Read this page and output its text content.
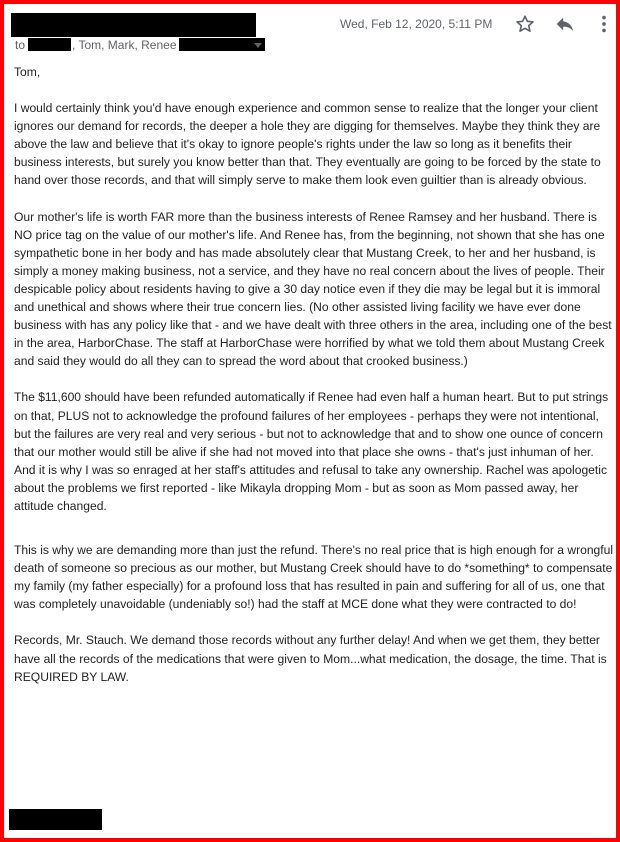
Wed, Feb 12, 2020, 5:11 PM
to	, Tom, Mark, Renee

Tom,

I would certainly think you'd have enough experience and common sense to realize that the longer your client ignores our demand for records, the deeper a hole they are digging for themselves. Maybe they think they are above the law and believe that it's okay to ignore people's rights under the law so long as it benefits their business interests, but surely you know better than that. They eventually are going to be forced by the state to hand over those records, and that will simply serve to make them look even guiltier than is already obvious.

Our mother's life is worth FAR more than the business interests of Renee Ramsey and her husband. There is NO price tag on the value of our mother's life. And Renee has, from the beginning, not shown that she has one sympathetic bone in her body and has made absolutely clear that Mustang Creek, to her and her husband, is simply a money making business, not a service, and they have no real concern about the lives of people. Their despicable policy about residents having to give a 30 day notice even if they die may be legal but it is immoral and unethical and shows where their true concern lies. (No other assisted living facility we have ever done business with has any policy like that - and we have dealt with three others in the area, including one of the best in the area, HarborChase. The staff at HarborChase were horrified by what we told them about Mustang Creek and said they would do all they can to spread the word about that crooked business.)

The $11,600 should have been refunded automatically if Renee had even half a human heart. But to put strings on that, PLUS not to acknowledge the profound failures of her employees - perhaps they were not intentional, but the failures are very real and very serious - but not to acknowledge that and to show one ounce of concern that our mother would still be alive if she had not moved into that place she owns - that's just inhuman of her. And it is why I was so enraged at her staff's attitudes and refusal to take any ownership. Rachel was apologetic about the problems we first reported - like Mikayla dropping Mom - but as soon as Mom passed away, her attitude changed.

This is why we are demanding more than just the refund. There's no real price that is high enough for a wrongful death of someone so precious as our mother, but Mustang Creek should have to do *something* to compensate my family (my father especially) for a profound loss that has resulted in pain and suffering for all of us, one that was completely unavoidable (undeniably so!) had the staff at MCE done what they were contracted to do!

Records, Mr. Stauch. We demand those records without any further delay! And when we get them, they better have all the records of the medications that were given to Mom...what medication, the dosage, the time. That is REQUIRED BY LAW.
